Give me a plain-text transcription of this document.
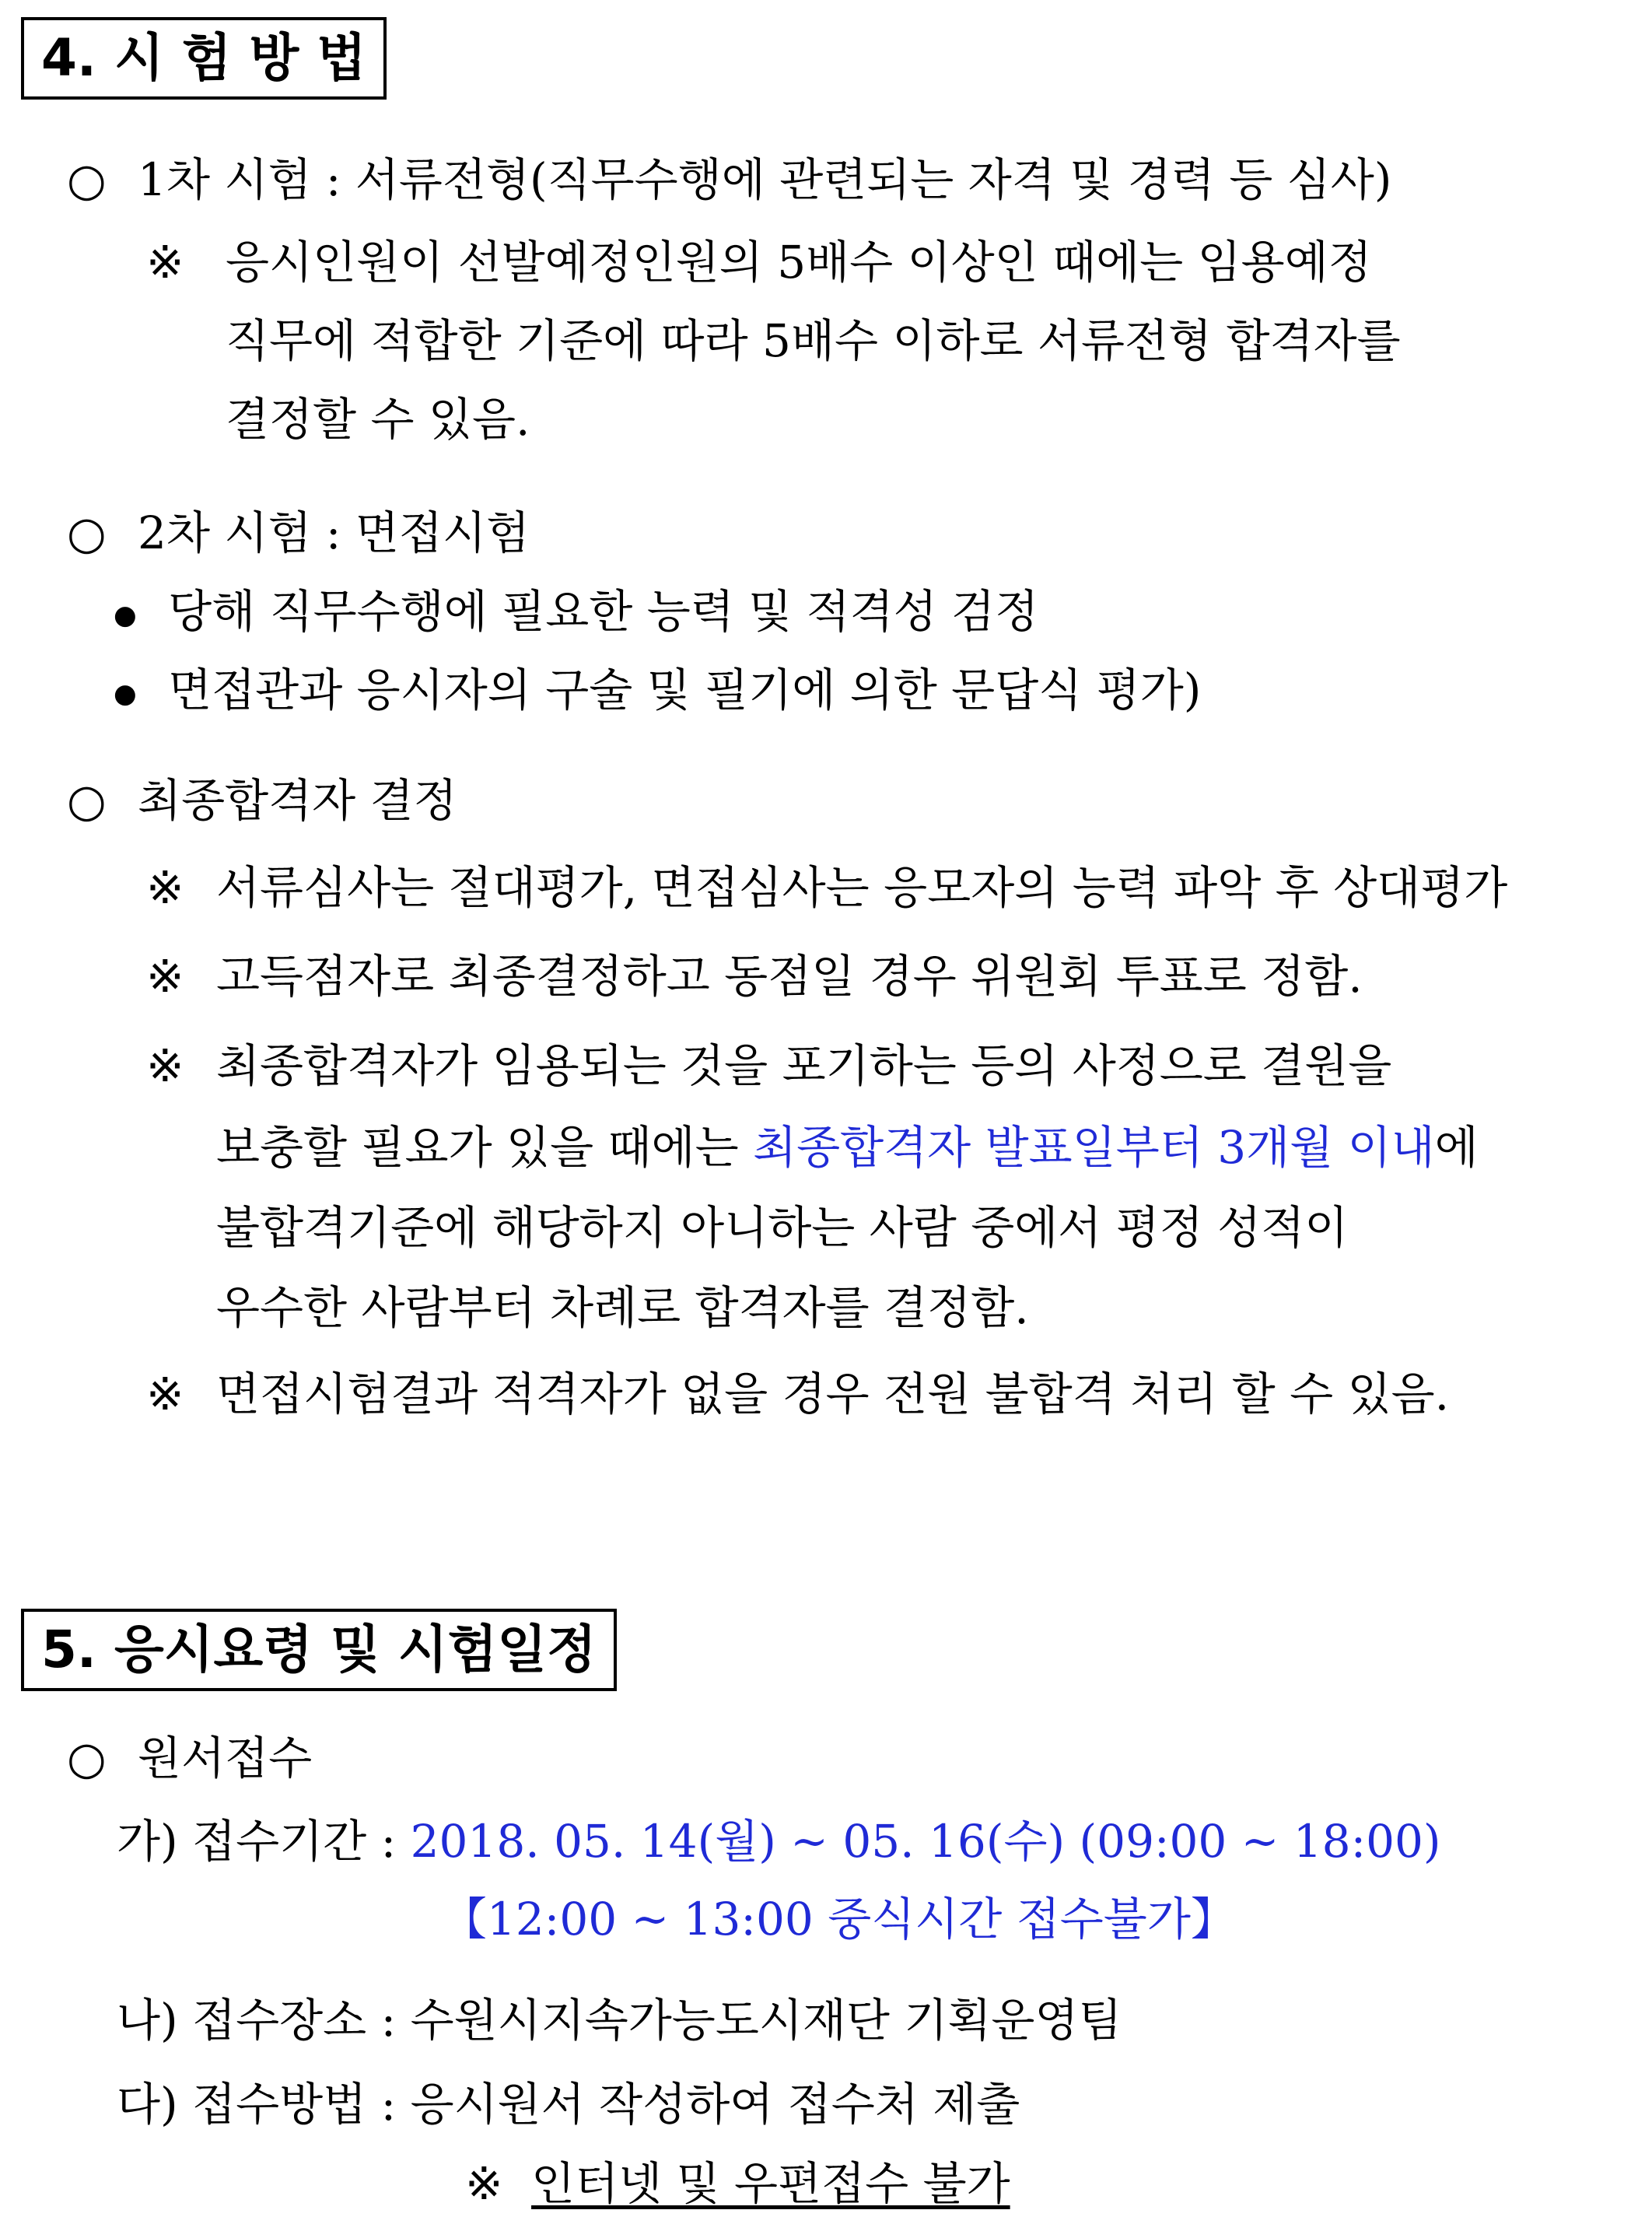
4. 시 험 방 법
○ 1차 시험 : 서류전형(직무수행에 관련되는 자격 및 경력 등 심사)
※ 응시인원이 선발예정인원의 5배수 이상인 때에는 임용예정
직무에 적합한 기준에 따라 5배수 이하로 서류전형 합격자를
결정할 수 있음.
○ 2차 시험 : 면접시험
● 당해 직무수행에 필요한 능력 및 적격성 검정
● 면접관과 응시자의 구술 및 필기에 의한 문답식 평가)
○ 최종합격자 결정
※ 서류심사는 절대평가, 면접심사는 응모자의 능력 파악 후 상대평가
※ 고득점자로 최종결정하고 동점일 경우 위원회 투표로 정함.
※ 최종합격자가 임용되는 것을 포기하는 등의 사정으로 결원을
보충할 필요가 있을 때에는 최종합격자 발표일부터 3개월 이내에
불합격기준에 해당하지 아니하는 사람 중에서 평정 성적이
우수한 사람부터 차례로 합격자를 결정함.
※ 면접시험결과 적격자가 없을 경우 전원 불합격 처리 할 수 있음.
5. 응시요령 및 시험일정
○ 원서접수
가) 접수기간 : 2018. 05. 14(월) ~ 05. 16(수) (09:00 ~ 18:00)
【12:00 ~ 13:00 중식시간 접수불가】
나) 접수장소 : 수원시지속가능도시재단 기획운영팀
다) 접수방법 : 응시원서 작성하여 접수처 제출
※ 인터넷 및 우편접수 불가
